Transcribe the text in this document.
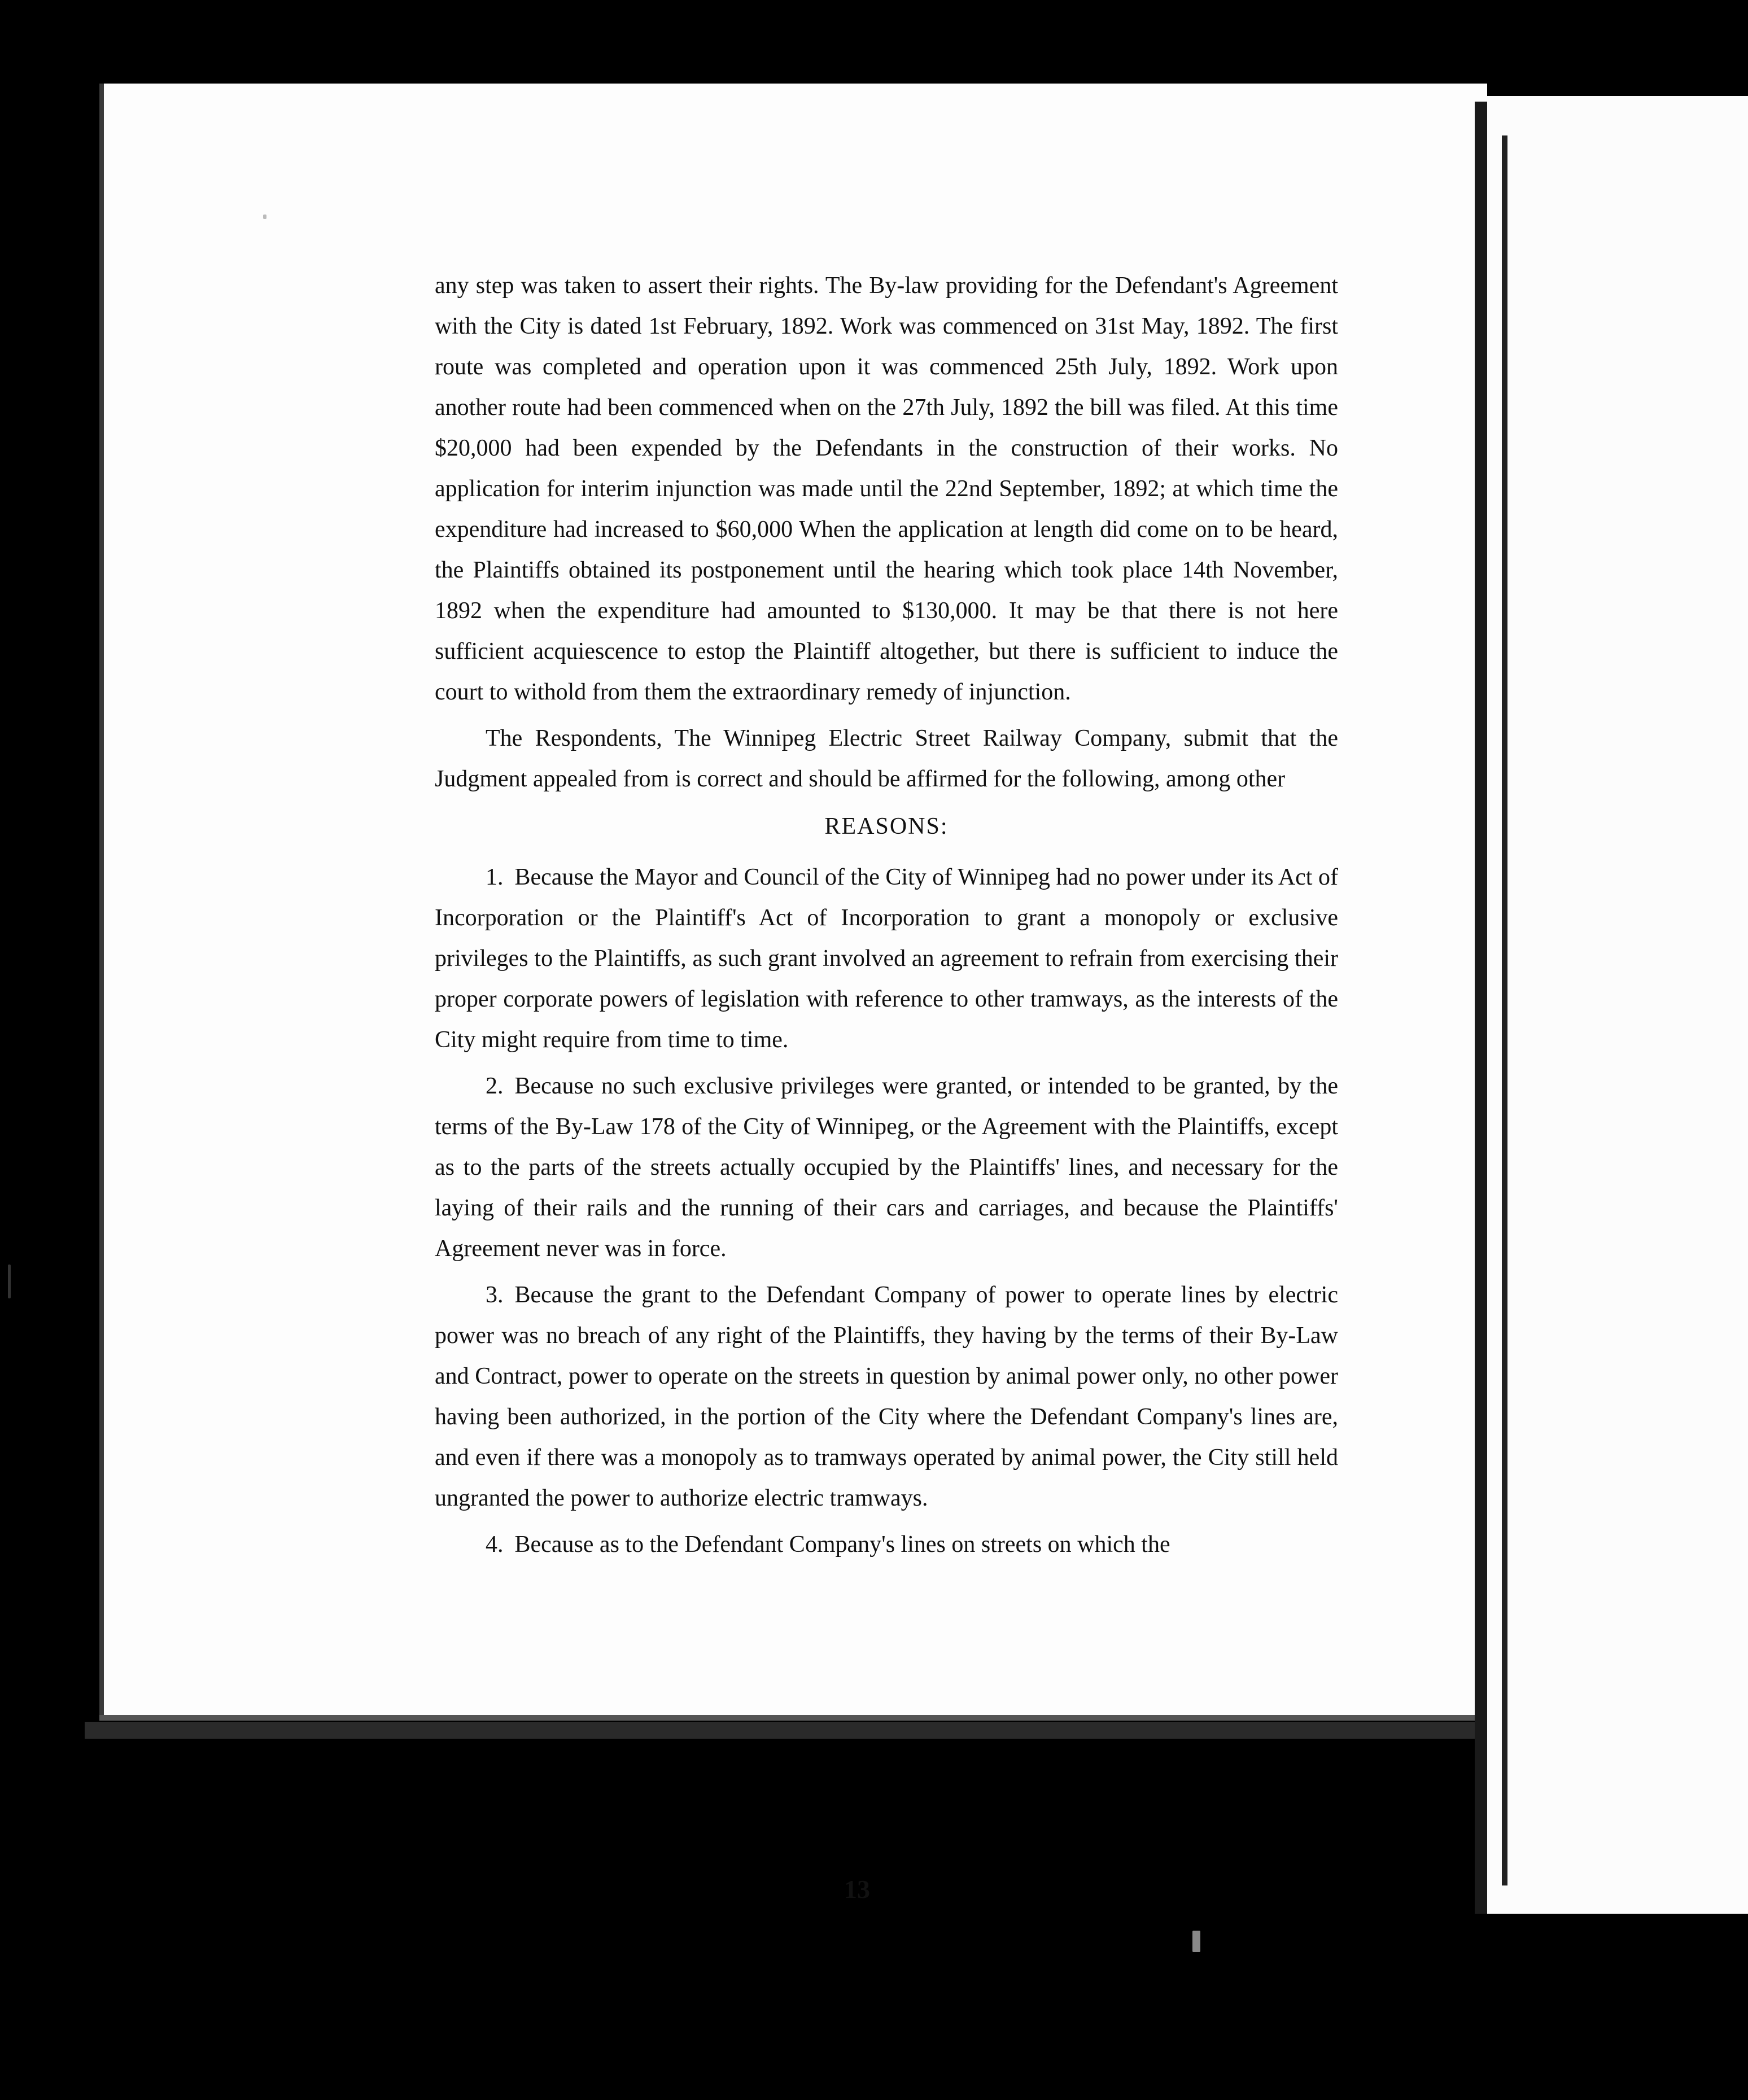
any step was taken to assert their rights. The By-law providing for the Defendant's Agreement with the City is dated 1st February, 1892. Work was commenced on 31st May, 1892. The first route was completed and operation upon it was commenced 25th July, 1892. Work upon another route had been commenced when on the 27th July, 1892 the bill was filed. At this time $20,000 had been expended by the Defendants in the construction of their works. No application for interim injunction was made until the 22nd September, 1892; at which time the expenditure had increased to $60,000 When the application at length did come on to be heard, the Plaintiffs obtained its postponement until the hearing which took place 14th November, 1892 when the expenditure had amounted to $130,000. It may be that there is not here sufficient acquiescence to estop the Plaintiff altogether, but there is sufficient to induce the court to withold from them the extraordinary remedy of injunction.

The Respondents, The Winnipeg Electric Street Railway Company, submit that the Judgment appealed from is correct and should be affirmed for the following, among other

REASONS:

1. Because the Mayor and Council of the City of Winnipeg had no power under its Act of Incorporation or the Plaintiff's Act of Incorporation to grant a monopoly or exclusive privileges to the Plaintiffs, as such grant involved an agreement to refrain from exercising their proper corporate powers of legislation with reference to other tramways, as the interests of the City might require from time to time.

2. Because no such exclusive privileges were granted, or intended to be granted, by the terms of the By-Law 178 of the City of Winnipeg, or the Agreement with the Plaintiffs, except as to the parts of the streets actually occupied by the Plaintiffs' lines, and necessary for the laying of their rails and the running of their cars and carriages, and because the Plaintiffs' Agreement never was in force.

3. Because the grant to the Defendant Company of power to operate lines by electric power was no breach of any right of the Plaintiffs, they having by the terms of their By-Law and Contract, power to operate on the streets in question by animal power only, no other power having been authorized, in the portion of the City where the Defendant Company's lines are, and even if there was a monopoly as to tramways operated by animal power, the City still held ungranted the power to authorize electric tramways.

4. Because as to the Defendant Company's lines on streets on which the

13
